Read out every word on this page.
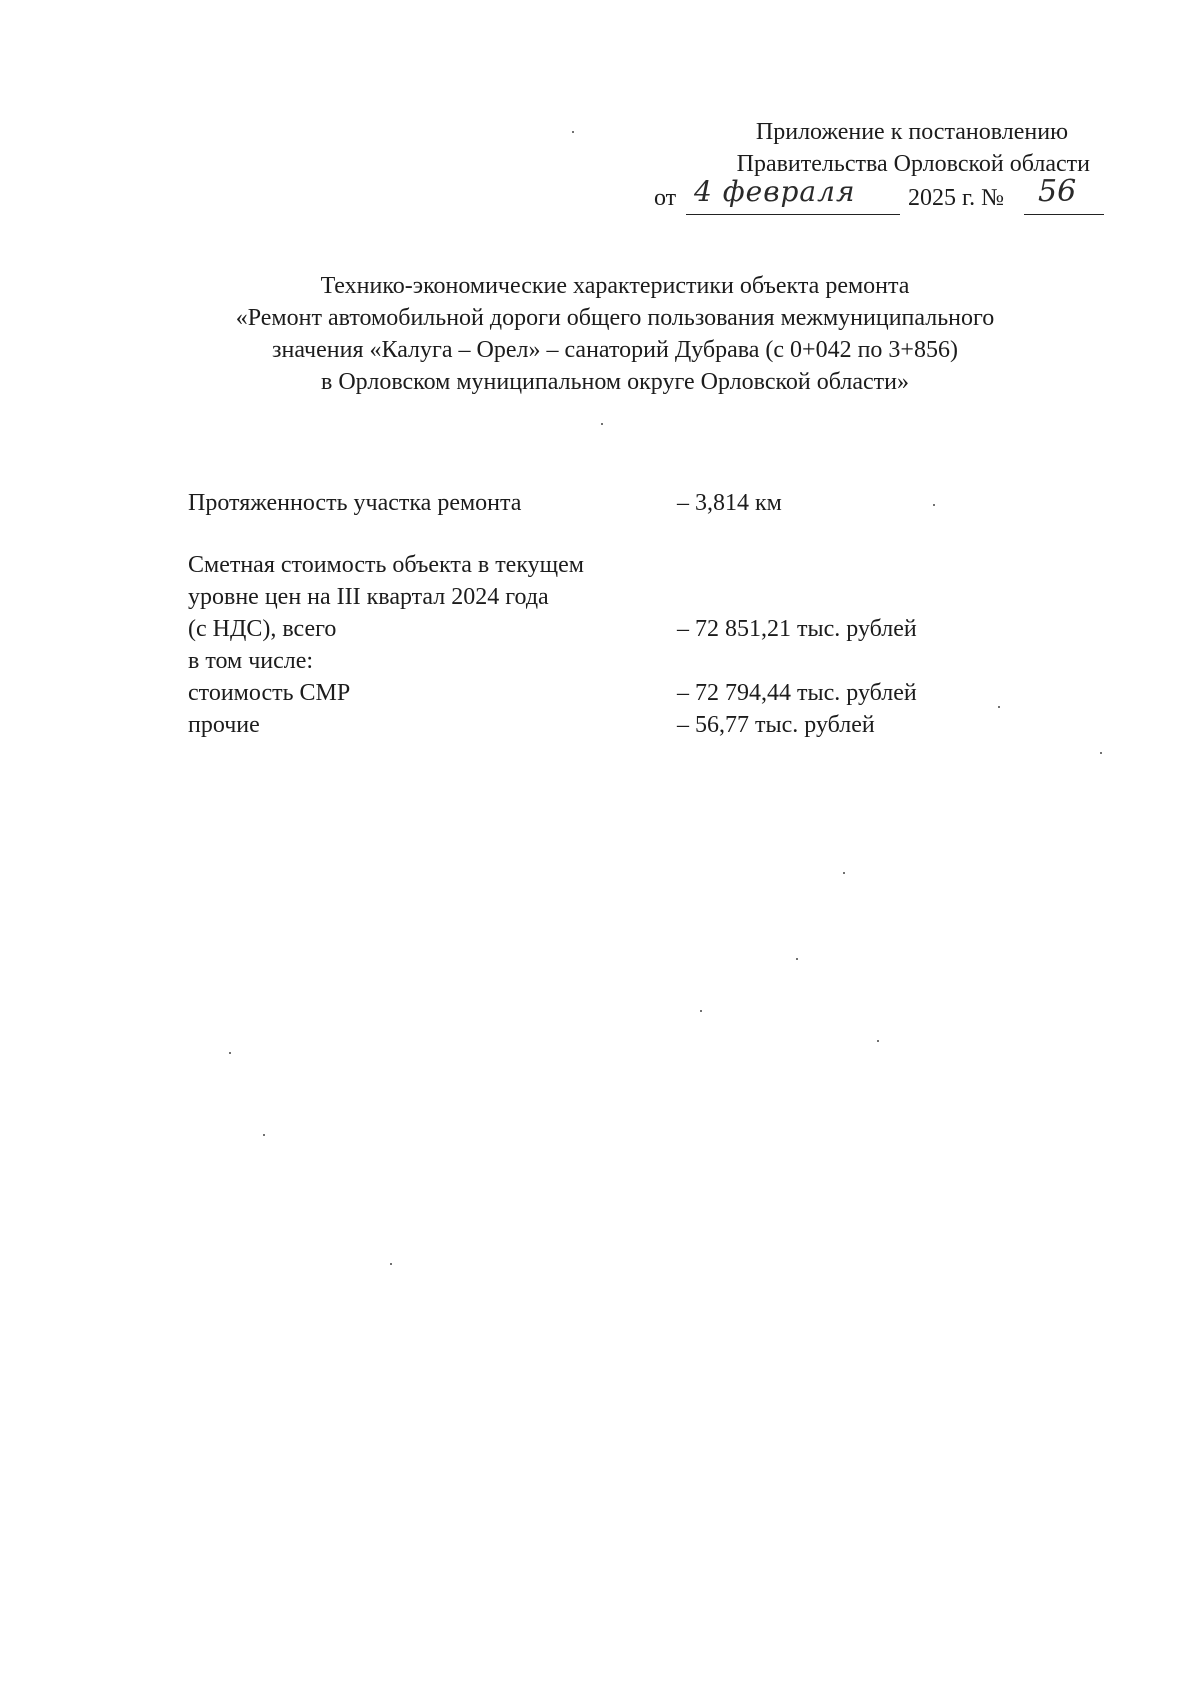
Приложение к постановлению
Правительства Орловской области
от 4 февраля 2025 г. № 56
Технико-экономические характеристики объекта ремонта
«Ремонт автомобильной дороги общего пользования межмуниципального
значения «Калуга – Орел» – санаторий Дубрава (с 0+042 по 3+856)
в Орловском муниципальном округе Орловской области»
Протяженность участка ремонта	– 3,814 км
Сметная стоимость объекта в текущем
уровне цен на III квартал 2024 года
(с НДС), всего	– 72 851,21 тыс. рублей
в том числе:
стоимость СМР	– 72 794,44 тыс. рублей
прочие	– 56,77 тыс. рублей
